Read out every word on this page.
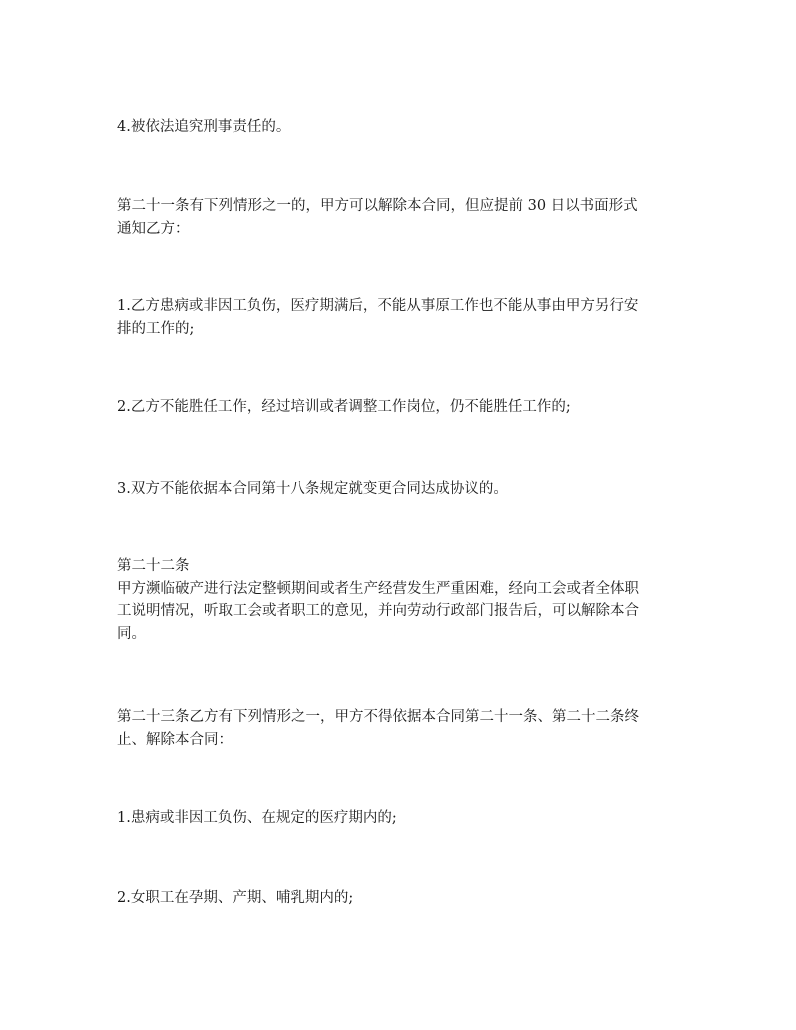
4.被依法追究刑事责任的。

第二十一条有下列情形之一的，甲方可以解除本合同，但应提前 30 日以书面形式
通知乙方：

1.乙方患病或非因工负伤，医疗期满后，不能从事原工作也不能从事由甲方另行安
排的工作的;

2.乙方不能胜任工作，经过培训或者调整工作岗位，仍不能胜任工作的;

3.双方不能依据本合同第十八条规定就变更合同达成协议的。

第二十二条
甲方濒临破产进行法定整顿期间或者生产经营发生严重困难，经向工会或者全体职
工说明情况，听取工会或者职工的意见，并向劳动行政部门报告后，可以解除本合
同。

第二十三条乙方有下列情形之一，甲方不得依据本合同第二十一条、第二十二条终
止、解除本合同：

1.患病或非因工负伤、在规定的医疗期内的;

2.女职工在孕期、产期、哺乳期内的;
